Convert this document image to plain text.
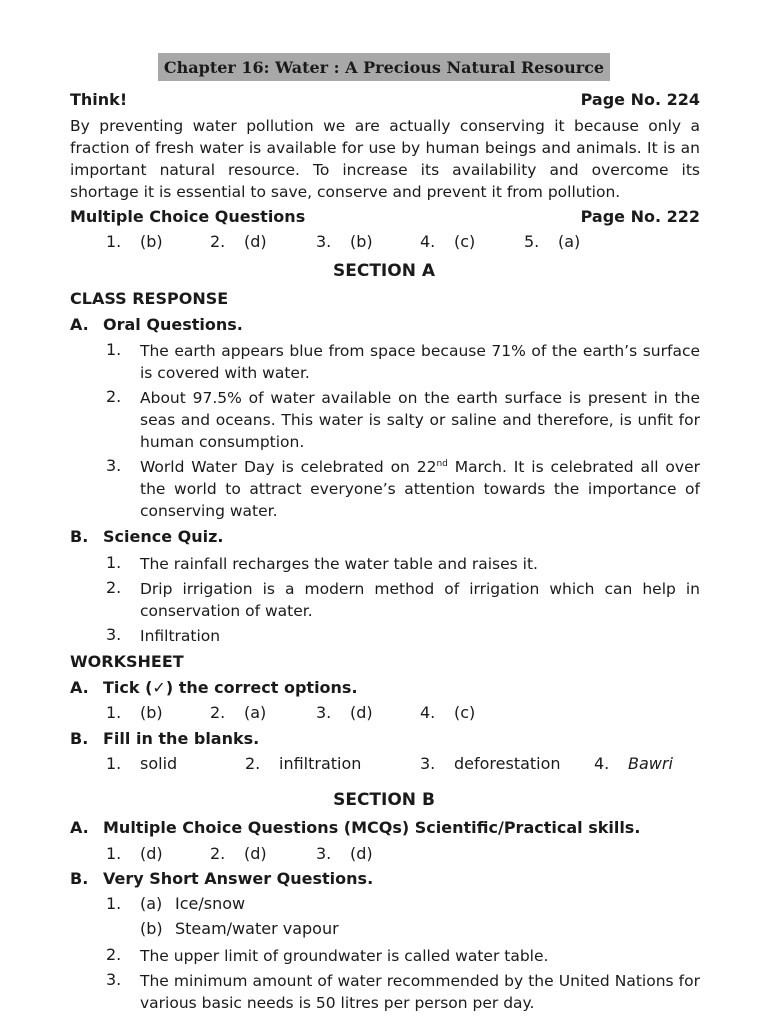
Chapter 16: Water : A Precious Natural Resource
Think!	Page No. 224
By preventing water pollution we are actually conserving it because only a fraction of fresh water is available for use by human beings and animals. It is an important natural resource. To increase its availability and overcome its shortage it is essential to save, conserve and prevent it from pollution.
Multiple Choice Questions	Page No. 222
1. (b)	2. (d)	3. (b)	4. (c)	5. (a)
SECTION A
CLASS RESPONSE
A. Oral Questions.
1. The earth appears blue from space because 71% of the earth’s surface is covered with water.
2. About 97.5% of water available on the earth surface is present in the seas and oceans. This water is salty or saline and therefore, is unfit for human consumption.
3. World Water Day is celebrated on 22nd March. It is celebrated all over the world to attract everyone’s attention towards the importance of conserving water.
B. Science Quiz.
1. The rainfall recharges the water table and raises it.
2. Drip irrigation is a modern method of irrigation which can help in conservation of water.
3. Infiltration
WORKSHEET
A. Tick (✓) the correct options.
1. (b)	2. (a)	3. (d)	4. (c)
B. Fill in the blanks.
1. solid	2. infiltration	3. deforestation 4. Bawri
SECTION B
A. Multiple Choice Questions (MCQs) Scientific/Practical skills.
1. (d)	2. (d)	3. (d)
B. Very Short Answer Questions.
1. (a) Ice/snow
(b) Steam/water vapour
2. The upper limit of groundwater is called water table.
3. The minimum amount of water recommended by the United Nations for various basic needs is 50 litres per person per day.
